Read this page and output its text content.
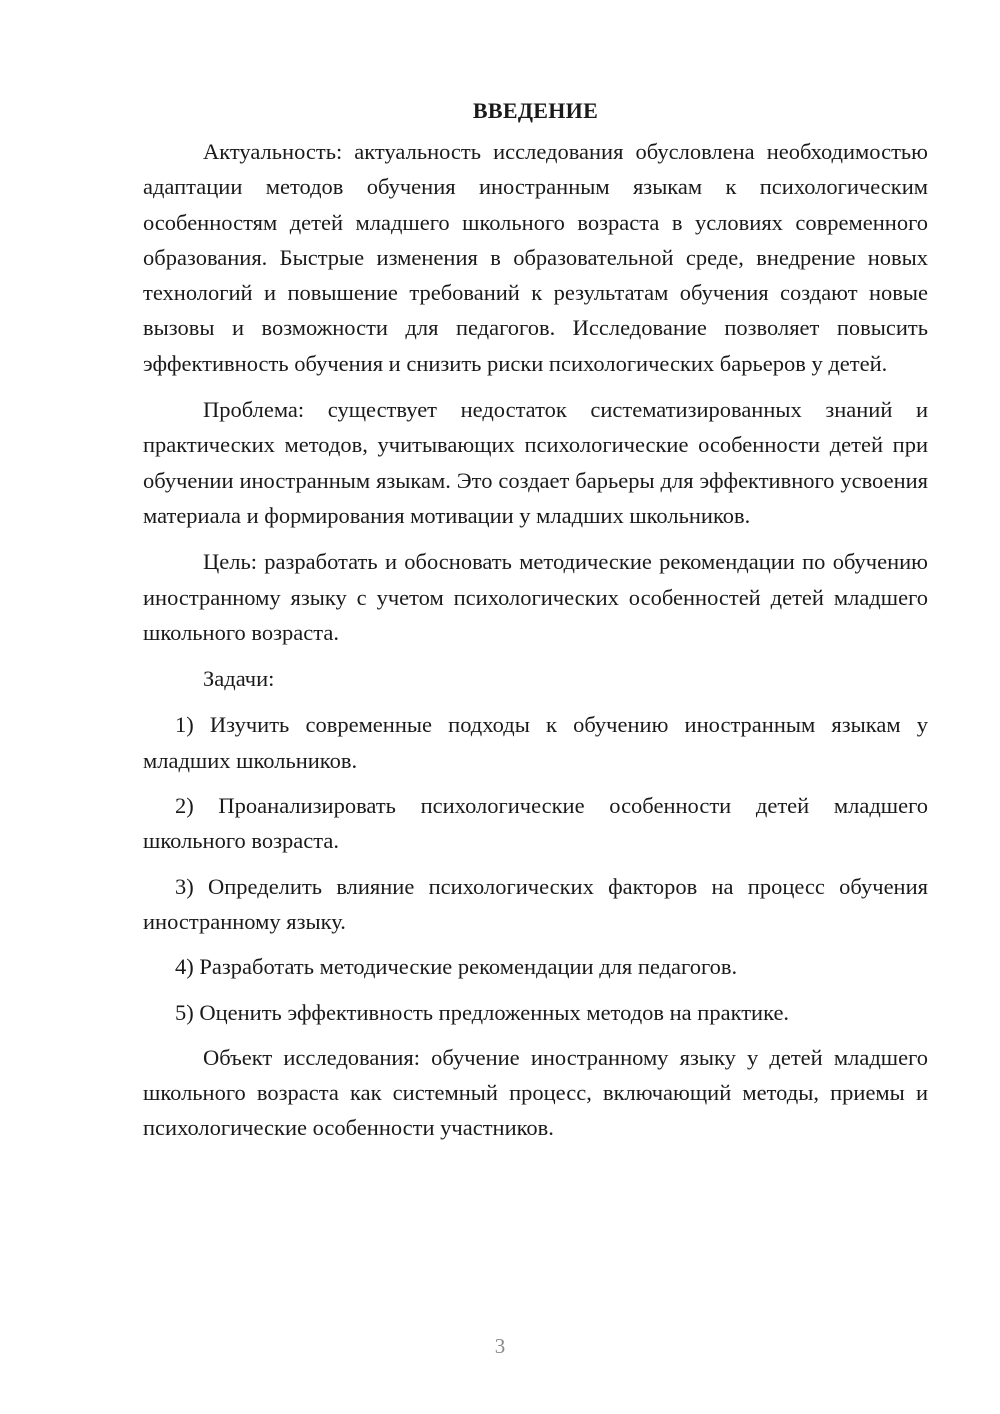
ВВЕДЕНИЕ

Актуальность: актуальность исследования обусловлена необходимостью адаптации методов обучения иностранным языкам к психологическим особенностям детей младшего школьного возраста в условиях современного образования. Быстрые изменения в образовательной среде, внедрение новых технологий и повышение требований к результатам обучения создают новые вызовы и возможности для педагогов. Исследование позволяет повысить эффективность обучения и снизить риски психологических барьеров у детей.

Проблема: существует недостаток систематизированных знаний и практических методов, учитывающих психологические особенности детей при обучении иностранным языкам. Это создает барьеры для эффективного усвоения материала и формирования мотивации у младших школьников.

Цель: разработать и обосновать методические рекомендации по обучению иностранному языку с учетом психологических особенностей детей младшего школьного возраста.

Задачи:

1) Изучить современные подходы к обучению иностранным языкам у младших школьников.

2) Проанализировать психологические особенности детей младшего школьного возраста.

3) Определить влияние психологических факторов на процесс обучения иностранному языку.

4) Разработать методические рекомендации для педагогов.

5) Оценить эффективность предложенных методов на практике.

Объект исследования: обучение иностранному языку у детей младшего школьного возраста как системный процесс, включающий методы, приемы и психологические особенности участников.

3
